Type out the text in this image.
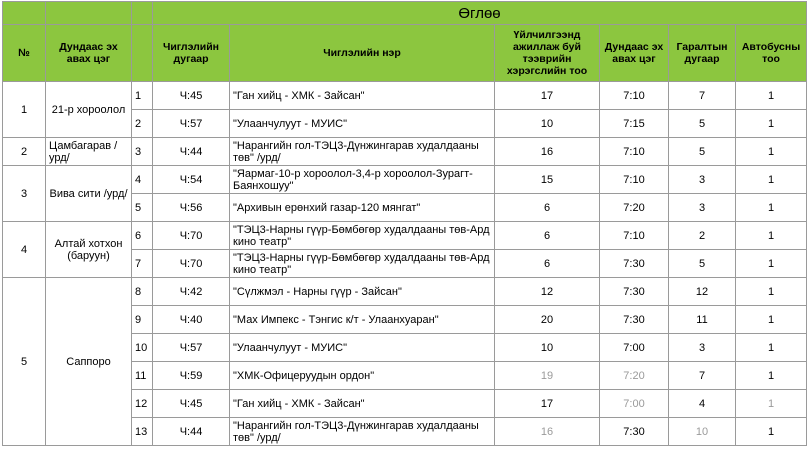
			Өглөө					
№	Дундаас эх авах цэг		Чиглэлийн дугаар	Чиглэлийн нэр	Үйлчилгээнд ажиллаж буй тээврийн хэрэгслийн тоо	Дундаас эх авах цэг	Гаралтын дугаар	Автобусны тоо
1	21-р хороолол	1	Ч:45	"Ган хийц - ХМК - Зайсан"	17	7:10	7	1
		2	Ч:57	"Улаанчулуут - МУИС"	10	7:15	5	1
2	Цамбагарав /урд/	3	Ч:44	"Нарангийн гол-ТЭЦ3-Дүнжингарав худалдааны төв" /урд/	16	7:10	5	1
3	Вива сити /урд/	4	Ч:54	"Яармаг-10-р хороолол-3,4-р хороолол-Зурагт-Баянхошуу"	15	7:10	3	1
		5	Ч:56	"Архивын ерөнхий газар-120 мянгат"	6	7:20	3	1
4	Алтай хотхон (баруун)	6	Ч:70	"ТЭЦ3-Нарны гүүр-Бөмбөгөр худалдааны төв-Ард кино театр"	6	7:10	2	1
		7	Ч:70	"ТЭЦ3-Нарны гүүр-Бөмбөгөр худалдааны төв-Ард кино театр"	6	7:30	5	1
5	Саппоро	8	Ч:42	"Сүлжмэл - Нарны гүүр - Зайсан"	12	7:30	12	1
		9	Ч:40	"Мах Импекс - Тэнгис к/т - Улаанхуаран"	20	7:30	11	1
		10	Ч:57	"Улаанчулуут - МУИС"	10	7:00	3	1
		11	Ч:59	"ХМК-Офицеруудын ордон"	19	7:20	7	1
		12	Ч:45	"Ган хийц - ХМК - Зайсан"	17	7:00	4	1
		13	Ч:44	"Нарангийн гол-ТЭЦ3-Дүнжингарав худалдааны төв" /урд/	16	7:30	10	1
